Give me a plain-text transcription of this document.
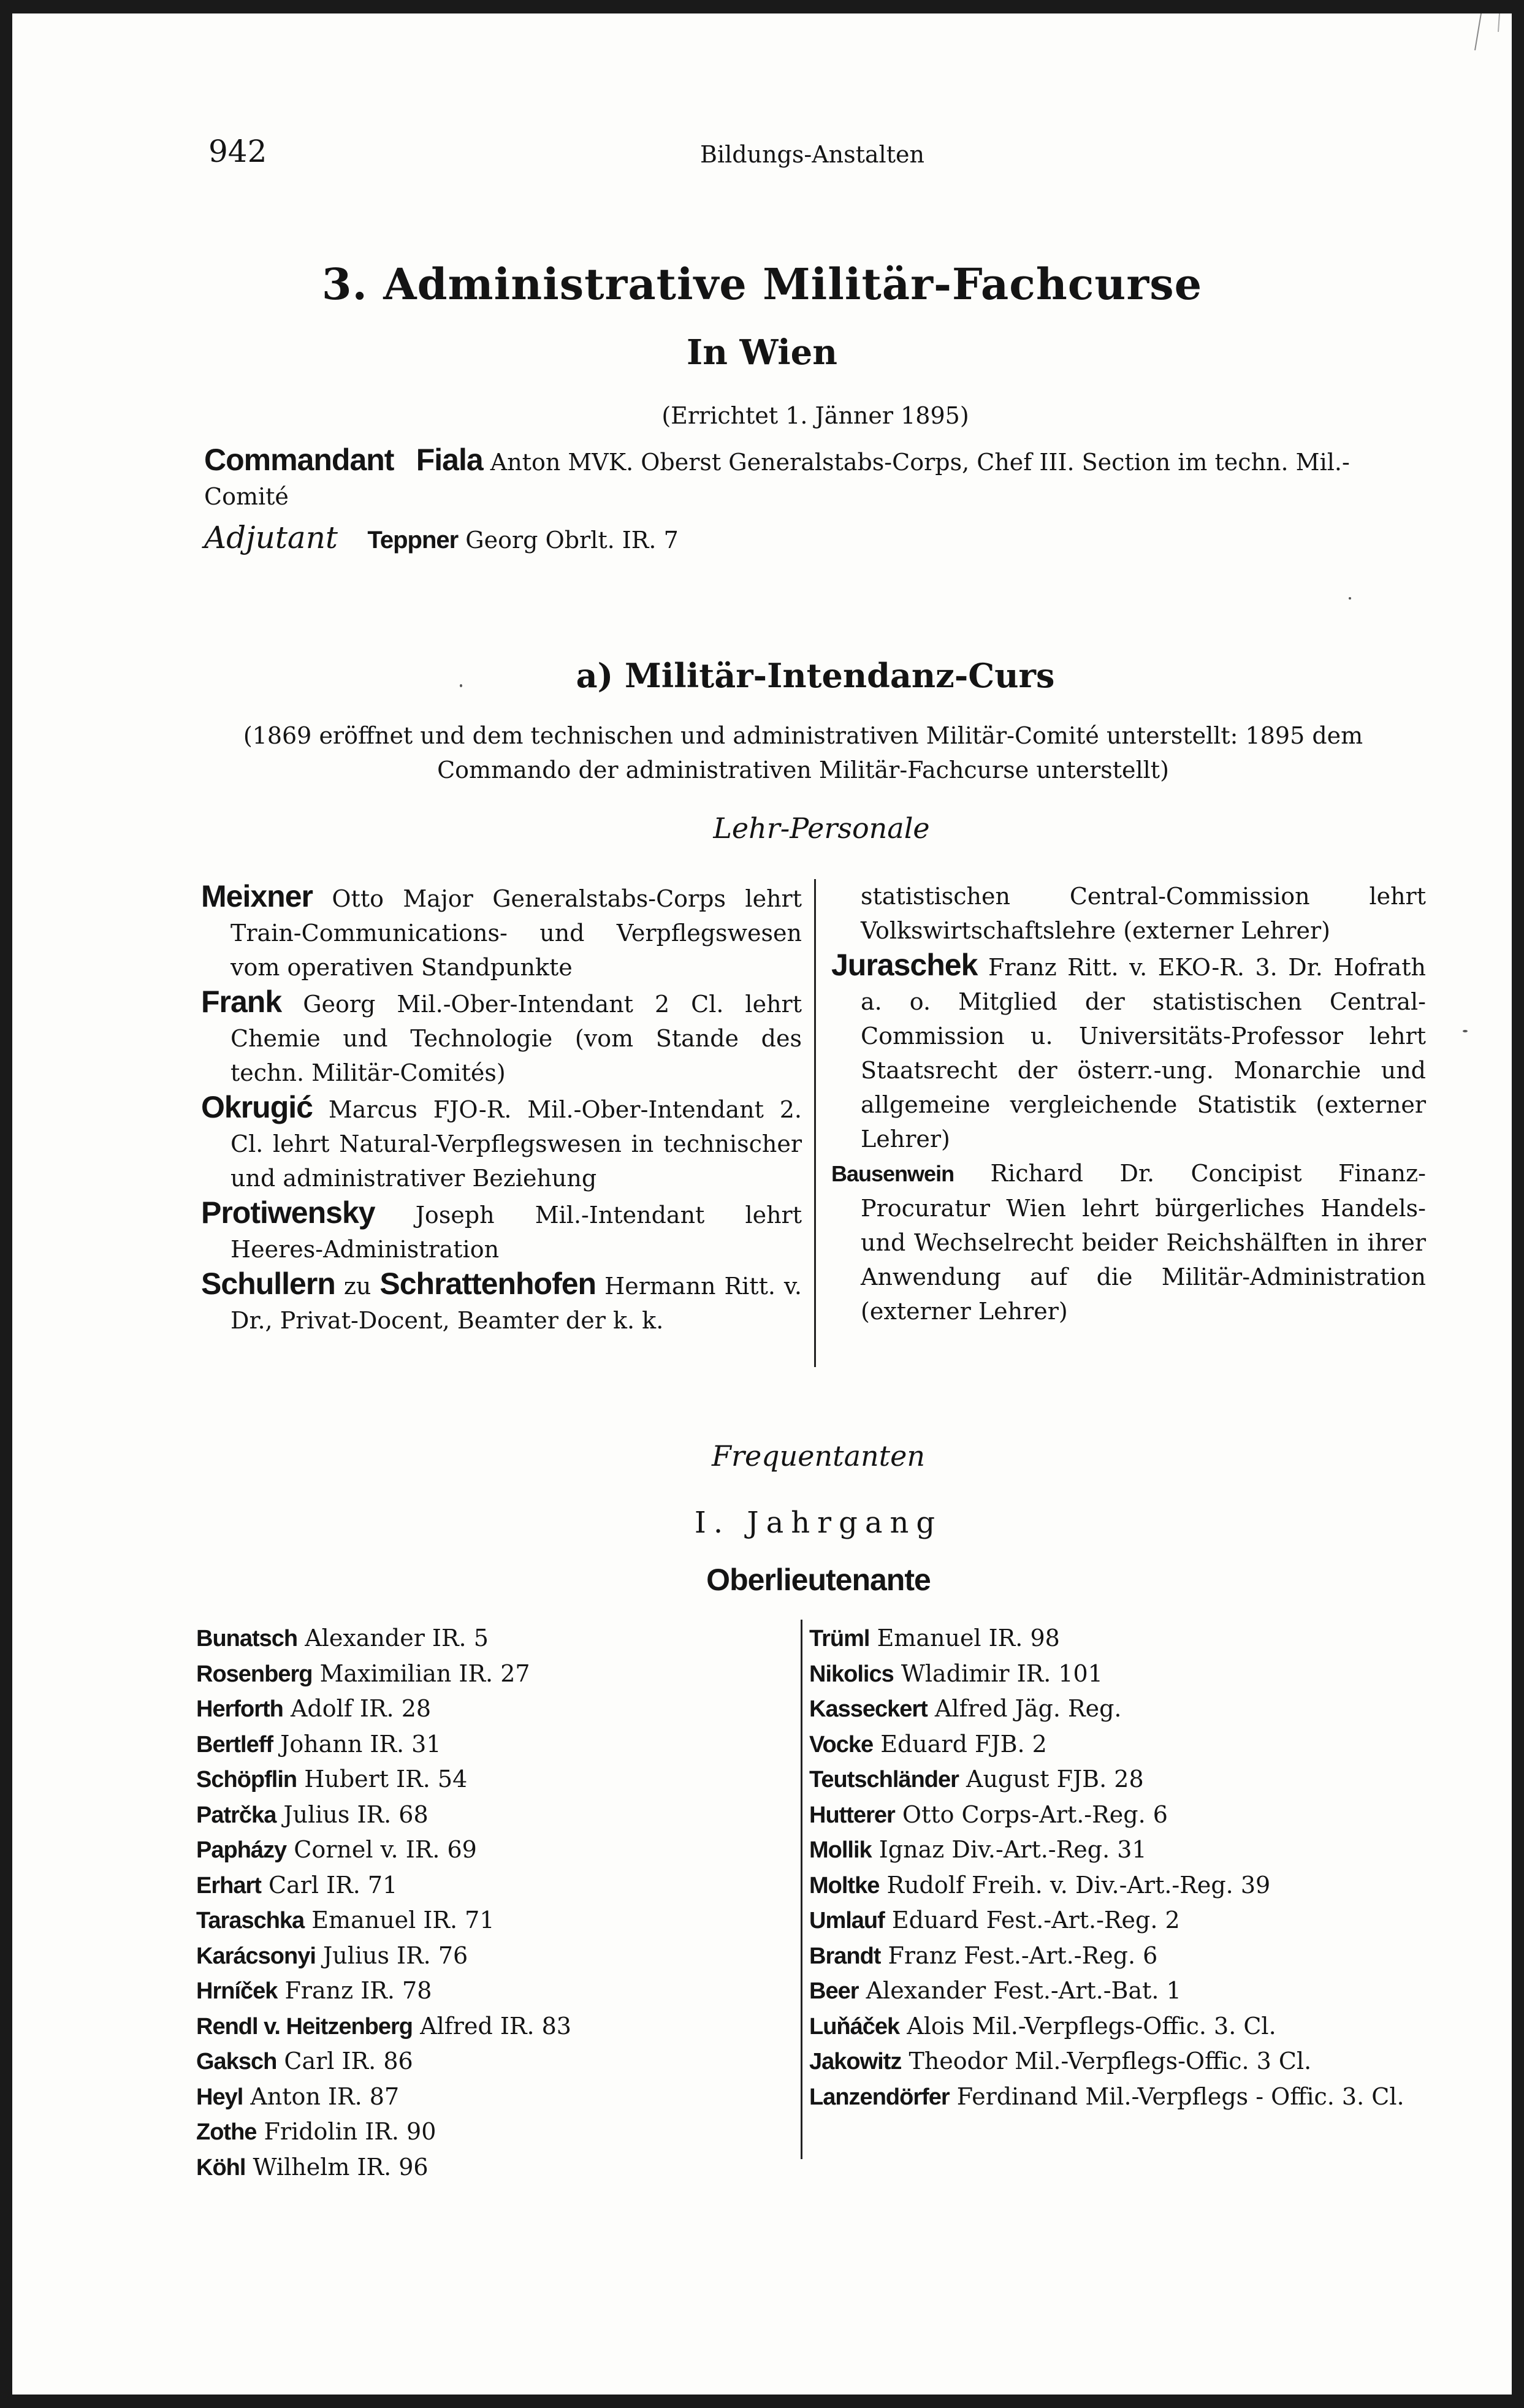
942	Bildungs-Anstalten
3. Administrative Militär-Fachcurse
In Wien
(Errichtet 1. Jänner 1895)
Commandant Fiala Anton MVK. Oberst Generalstabs-Corps, Chef III. Section im techn. Mil.-Comité
Adjutant Teppner Georg Obrlt. IR. 7
a) Militär-Intendanz-Curs
(1869 eröffnet und dem technischen und administrativen Militär-Comité unterstellt: 1895 dem Commando der administrativen Militär-Fachcurse unterstellt)
Lehr-Personale

Meixner Otto Major Generalstabs-Corps lehrt Train-Communications- und Verpflegswesen vom operativen Standpunkte

Frank Georg Mil.-Ober-Intendant 2 Cl. lehrt Chemie und Technologie (vom Stande des techn. Militär-Comités)

Okrugić Marcus FJO-R. Mil.-Ober-Intendant 2. Cl. lehrt Natural-Verpflegswesen in technischer und administrativer Beziehung

Protiwensky Joseph Mil.-Intendant lehrt Heeres-Administration

Schullern zu Schrattenhofen Hermann Ritt. v. Dr., Privat-Docent, Beamter der k. k.

statistischen Central-Commission lehrt Volkswirtschaftslehre (externer Lehrer)

Juraschek Franz Ritt. v. EKO-R. 3. Dr. Hofrath a. o. Mitglied der statistischen Central-Commission u. Universitäts-Professor lehrt Staatsrecht der österr.-ung. Monarchie und allgemeine vergleichende Statistik (externer Lehrer)

Bausenwein Richard Dr. Concipist Finanz-Procuratur Wien lehrt bürgerliches Handels- und Wechselrecht beider Reichshälften in ihrer Anwendung auf die Militär-Administration (externer Lehrer)

Frequentanten
I. Jahrgang
Oberlieutenante
Bunatsch Alexander IR. 5
Rosenberg Maximilian IR. 27
Herforth Adolf IR. 28
Bertleff Johann IR. 31
Schöpflin Hubert IR. 54
Patrčka Julius IR. 68
Papházy Cornel v. IR. 69
Erhart Carl IR. 71
Taraschka Emanuel IR. 71
Karácsonyi Julius IR. 76
Hrníček Franz IR. 78
Rendl v. Heitzenberg Alfred IR. 83
Gaksch Carl IR. 86
Heyl Anton IR. 87
Zothe Fridolin IR. 90
Köhl Wilhelm IR. 96
Trüml Emanuel IR. 98
Nikolics Wladimir IR. 101
Kasseckert Alfred Jäg. Reg.
Vocke Eduard FJB. 2
Teutschländer August FJB. 28
Hutterer Otto Corps-Art.-Reg. 6
Mollik Ignaz Div.-Art.-Reg. 31
Moltke Rudolf Freih. v. Div.-Art.-Reg. 39
Umlauf Eduard Fest.-Art.-Reg. 2
Brandt Franz Fest.-Art.-Reg. 6
Beer Alexander Fest.-Art.-Bat. 1
Luňáček Alois Mil.-Verpflegs-Offic. 3. Cl.
Jakowitz Theodor Mil.-Verpflegs-Offic. 3 Cl.
Lanzendörfer Ferdinand Mil.-Verpflegs - Offic. 3. Cl.
